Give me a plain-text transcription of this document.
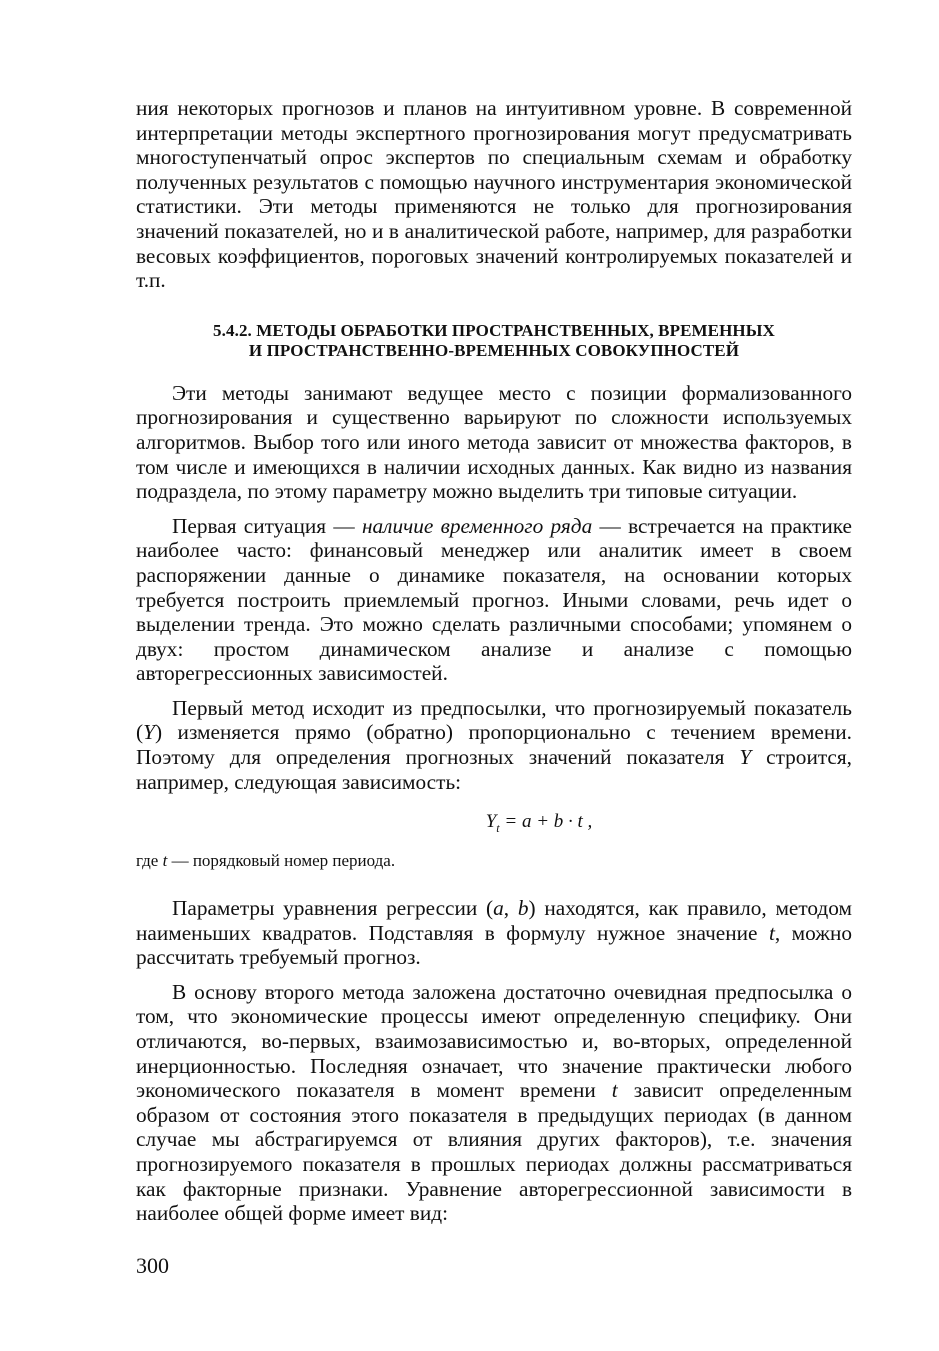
ния некоторых прогнозов и планов на интуитивном уровне. В современной интерпретации методы экспертного прогнозирования могут предусматривать многоступенчатый опрос экспертов по специальным схемам и обработку полученных результатов с помощью научного инструментария экономической статистики. Эти методы применяются не только для прогнозирования значений показателей, но и в аналитической работе, например, для разработки весовых коэффициентов, пороговых значений контролируемых показателей и т.п.

5.4.2. МЕТОДЫ ОБРАБОТКИ ПРОСТРАНСТВЕННЫХ, ВРЕМЕННЫХ
И ПРОСТРАНСТВЕННО-ВРЕМЕННЫХ СОВОКУПНОСТЕЙ

Эти методы занимают ведущее место с позиции формализованного прогнозирования и существенно варьируют по сложности используемых алгоритмов. Выбор того или иного метода зависит от множества факторов, в том числе и имеющихся в наличии исходных данных. Как видно из названия подраздела, по этому параметру можно выделить три типовые ситуации.

Первая ситуация — наличие временного ряда — встречается на практике наиболее часто: финансовый менеджер или аналитик имеет в своем распоряжении данные о динамике показателя, на основании которых требуется построить приемлемый прогноз. Иными словами, речь идет о выделении тренда. Это можно сделать различными способами; упомянем о двух: простом динамическом анализе и анализе с помощью авторегрессионных зависимостей.

Первый метод исходит из предпосылки, что прогнозируемый показатель (Y) изменяется прямо (обратно) пропорционально с течением времени. Поэтому для определения прогнозных значений показателя Y строится, например, следующая зависимость:

$Y_t = a + b \cdot t$ ,

где t — порядковый номер периода.

Параметры уравнения регрессии (a, b) находятся, как правило, методом наименьших квадратов. Подставляя в формулу нужное значение t, можно рассчитать требуемый прогноз.

В основу второго метода заложена достаточно очевидная предпосылка о том, что экономические процессы имеют определенную специфику. Они отличаются, во-первых, взаимозависимостью и, во-вторых, определенной инерционностью. Последняя означает, что значение практически любого экономического показателя в момент времени t зависит определенным образом от состояния этого показателя в предыдущих периодах (в данном случае мы абстрагируемся от влияния других факторов), т.е. значения прогнозируемого показателя в прошлых периодах должны рассматриваться как факторные признаки. Уравнение авторегрессионной зависимости в наиболее общей форме имеет вид:

300
